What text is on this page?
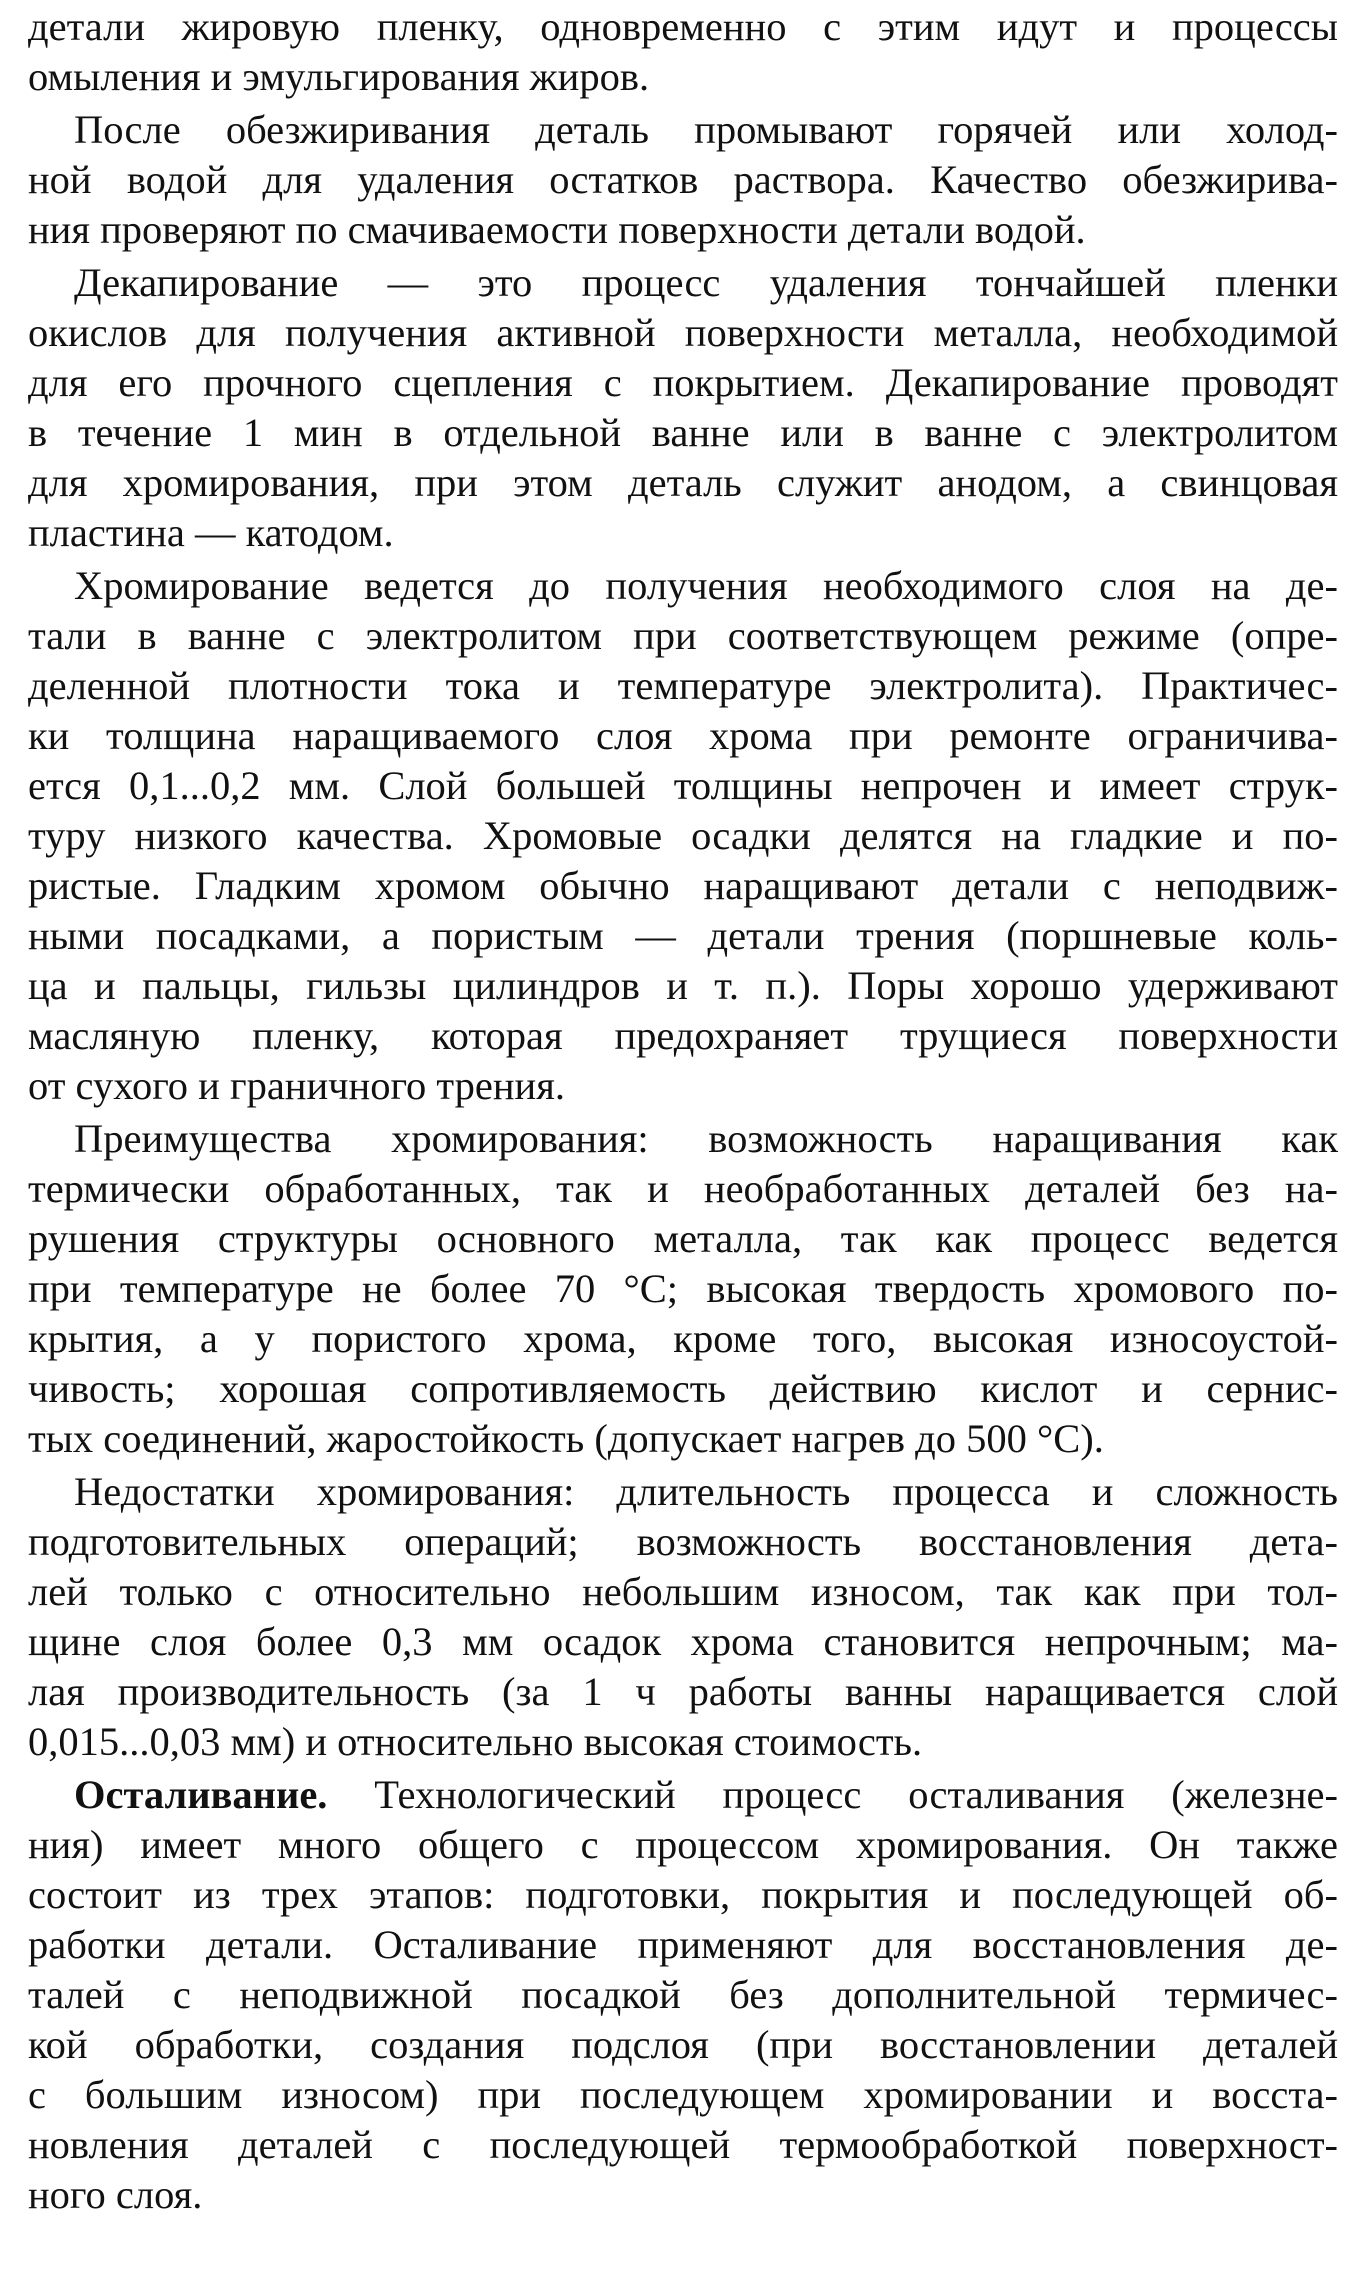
детали жировую пленку, одновременно с этим идут и процессы
омыления и эмульгирования жиров.
После обезжиривания деталь промывают горячей или холод-
ной водой для удаления остатков раствора. Качество обезжирива-
ния проверяют по смачиваемости поверхности детали водой.
Декапирование — это процесс удаления тончайшей пленки
окислов для получения активной поверхности металла, необходимой
для его прочного сцепления с покрытием. Декапирование проводят
в течение 1 мин в отдельной ванне или в ванне с электролитом
для хромирования, при этом деталь служит анодом, а свинцовая
пластина — катодом.
Хромирование ведется до получения необходимого слоя на де-
тали в ванне с электролитом при соответствующем режиме (опре-
деленной плотности тока и температуре электролита). Практичес-
ки толщина наращиваемого слоя хрома при ремонте ограничива-
ется 0,1...0,2 мм. Слой большей толщины непрочен и имеет струк-
туру низкого качества. Хромовые осадки делятся на гладкие и по-
ристые. Гладким хромом обычно наращивают детали с неподвиж-
ными посадками, а пористым — детали трения (поршневые коль-
ца и пальцы, гильзы цилиндров и т. п.). Поры хорошо удерживают
масляную пленку, которая предохраняет трущиеся поверхности
от сухого и граничного трения.
Преимущества хромирования: возможность наращивания как
термически обработанных, так и необработанных деталей без на-
рушения структуры основного металла, так как процесс ведется
при температуре не более 70 °С; высокая твердость хромового по-
крытия, а у пористого хрома, кроме того, высокая износоустой-
чивость; хорошая сопротивляемость действию кислот и сернис-
тых соединений, жаростойкость (допускает нагрев до 500 °С).
Недостатки хромирования: длительность процесса и сложность
подготовительных операций; возможность восстановления дета-
лей только с относительно небольшим износом, так как при тол-
щине слоя более 0,3 мм осадок хрома становится непрочным; ма-
лая производительность (за 1 ч работы ванны наращивается слой
0,015...0,03 мм) и относительно высокая стоимость.
Осталивание. Технологический процесс осталивания (железне-
ния) имеет много общего с процессом хромирования. Он также
состоит из трех этапов: подготовки, покрытия и последующей об-
работки детали. Осталивание применяют для восстановления де-
талей с неподвижной посадкой без дополнительной термичес-
кой обработки, создания подслоя (при восстановлении деталей
с большим износом) при последующем хромировании и восста-
новления деталей с последующей термообработкой поверхност-
ного слоя.
